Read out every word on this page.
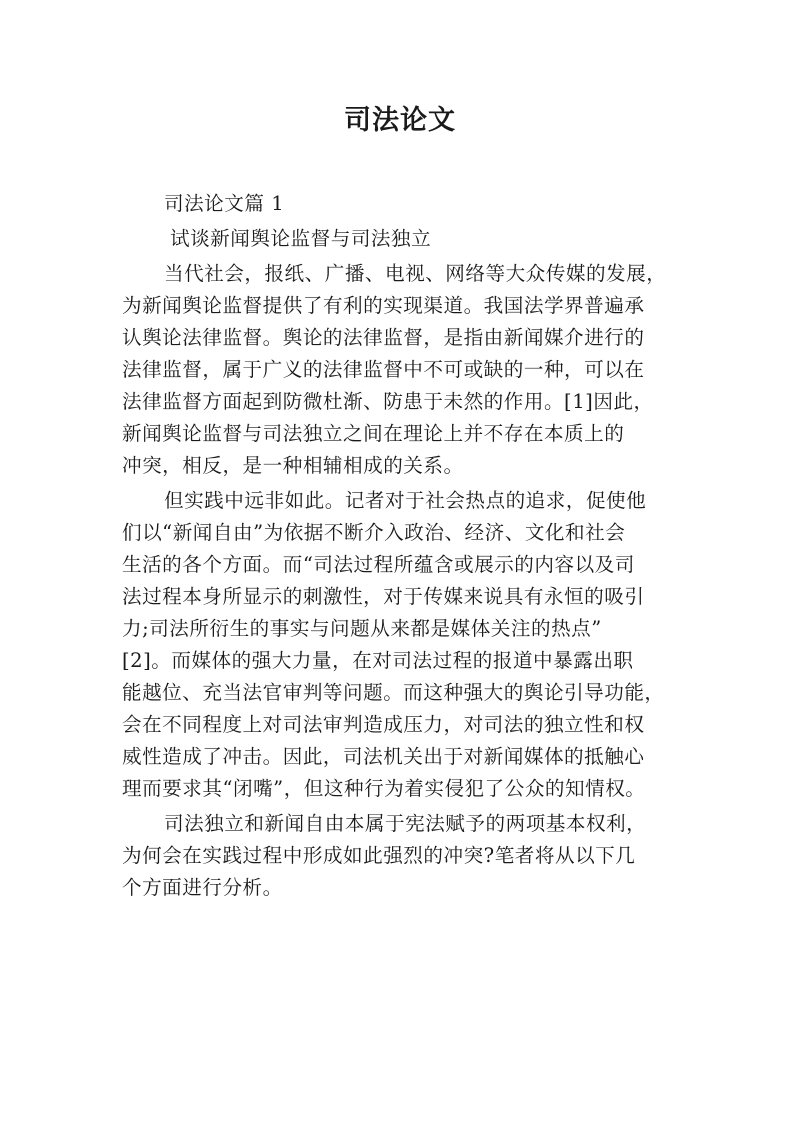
司法论文
司法论文篇 1
试谈新闻舆论监督与司法独立
当代社会，报纸、广播、电视、网络等大众传媒的发展，
为新闻舆论监督提供了有利的实现渠道。我国法学界普遍承
认舆论法律监督。舆论的法律监督，是指由新闻媒介进行的
法律监督，属于广义的法律监督中不可或缺的一种，可以在
法律监督方面起到防微杜渐、防患于未然的作用。[1]因此，
新闻舆论监督与司法独立之间在理论上并不存在本质上的
冲突，相反，是一种相辅相成的关系。
但实践中远非如此。记者对于社会热点的追求，促使他
们以“新闻自由”为依据不断介入政治、经济、文化和社会
生活的各个方面。而“司法过程所蕴含或展示的内容以及司
法过程本身所显示的刺激性，对于传媒来说具有永恒的吸引
力;司法所衍生的事实与问题从来都是媒体关注的热点”
[2]。而媒体的强大力量，在对司法过程的报道中暴露出职
能越位、充当法官审判等问题。而这种强大的舆论引导功能，
会在不同程度上对司法审判造成压力，对司法的独立性和权
威性造成了冲击。因此，司法机关出于对新闻媒体的抵触心
理而要求其“闭嘴”，但这种行为着实侵犯了公众的知情权。
司法独立和新闻自由本属于宪法赋予的两项基本权利，
为何会在实践过程中形成如此强烈的冲突?笔者将从以下几
个方面进行分析。
